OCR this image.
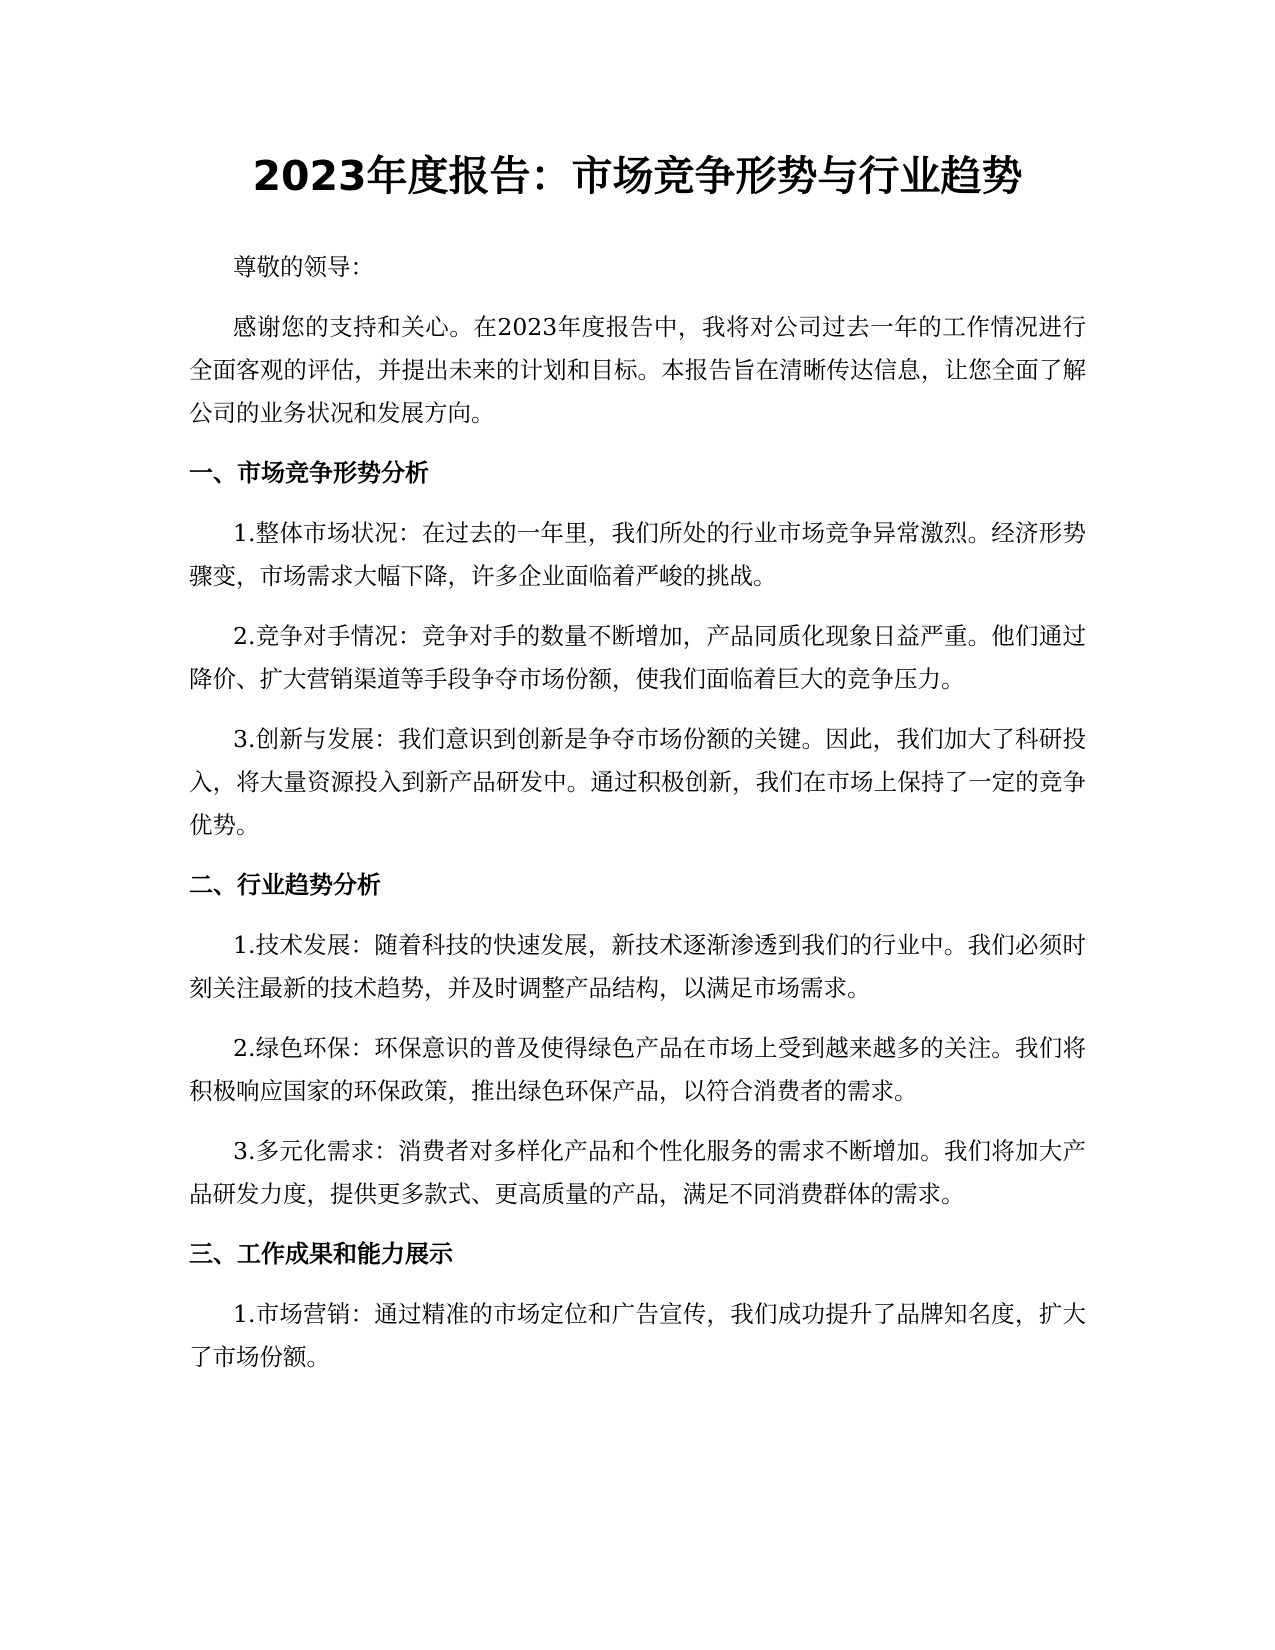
2023年度报告：市场竞争形势与行业趋势

尊敬的领导：

感谢您的支持和关心。在2023年度报告中，我将对公司过去一年的工作情况进行全面客观的评估，并提出未来的计划和目标。本报告旨在清晰传达信息，让您全面了解公司的业务状况和发展方向。

一、市场竞争形势分析

1.整体市场状况：在过去的一年里，我们所处的行业市场竞争异常激烈。经济形势骤变，市场需求大幅下降，许多企业面临着严峻的挑战。

2.竞争对手情况：竞争对手的数量不断增加，产品同质化现象日益严重。他们通过降价、扩大营销渠道等手段争夺市场份额，使我们面临着巨大的竞争压力。

3.创新与发展：我们意识到创新是争夺市场份额的关键。因此，我们加大了科研投入，将大量资源投入到新产品研发中。通过积极创新，我们在市场上保持了一定的竞争优势。

二、行业趋势分析

1.技术发展：随着科技的快速发展，新技术逐渐渗透到我们的行业中。我们必须时刻关注最新的技术趋势，并及时调整产品结构，以满足市场需求。

2.绿色环保：环保意识的普及使得绿色产品在市场上受到越来越多的关注。我们将积极响应国家的环保政策，推出绿色环保产品，以符合消费者的需求。

3.多元化需求：消费者对多样化产品和个性化服务的需求不断增加。我们将加大产品研发力度，提供更多款式、更高质量的产品，满足不同消费群体的需求。

三、工作成果和能力展示

1.市场营销：通过精准的市场定位和广告宣传，我们成功提升了品牌知名度，扩大了市场份额。
